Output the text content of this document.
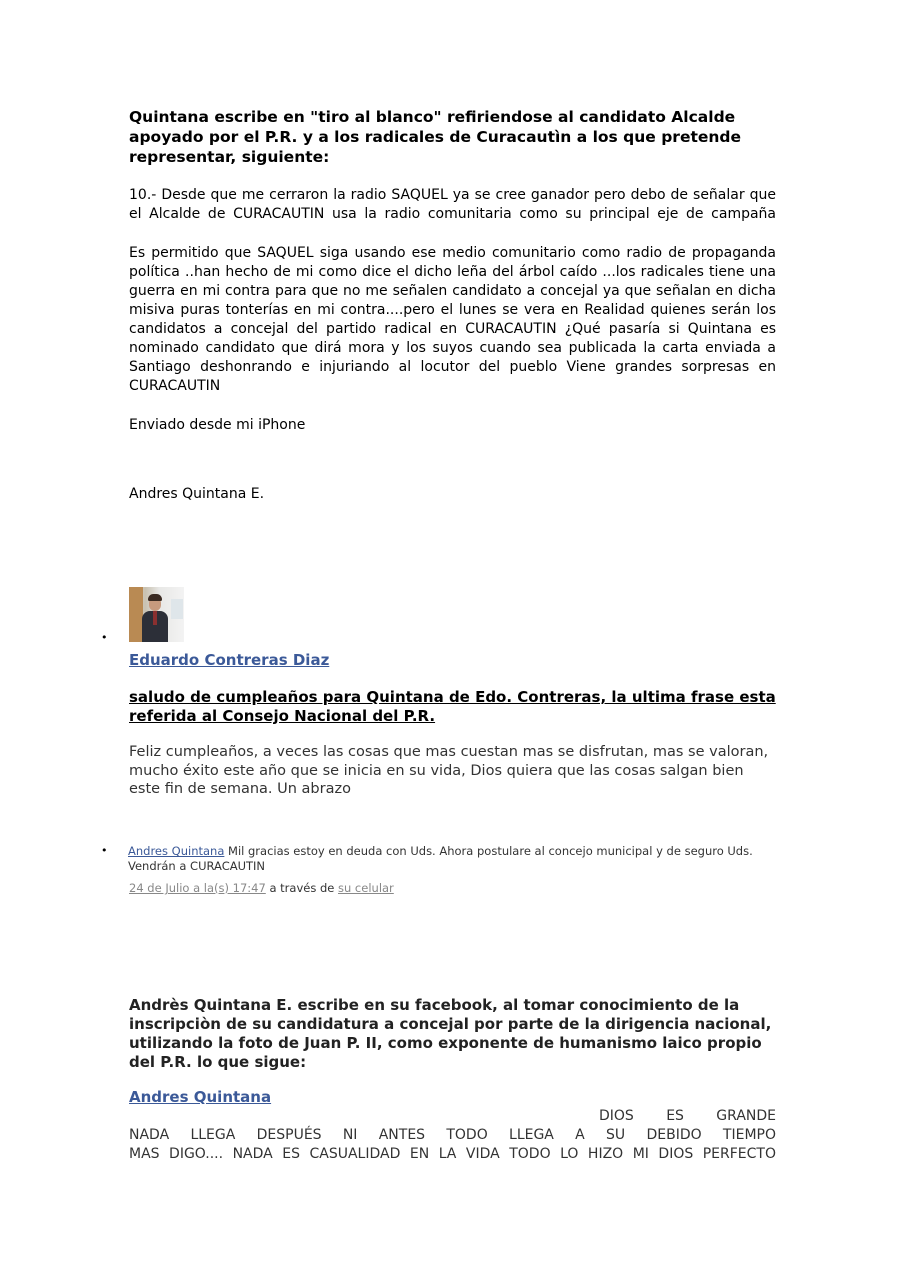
Quintana escribe en "tiro al blanco" refiriendose al candidato Alcalde apoyado por el P.R. y a los radicales de Curacautìn a los que pretende representar, siguiente:
10.- Desde que me cerraron la radio SAQUEL ya se cree ganador pero debo de señalar que el Alcalde de CURACAUTIN usa la radio comunitaria como su principal eje de campaña
Es permitido que SAQUEL siga usando ese medio comunitario como radio de propaganda política ..han hecho de mi como dice el dicho leña del árbol caído ...los radicales tiene una guerra en mi contra para que no me señalen candidato a concejal ya que señalan en dicha misiva puras tonterías en mi contra....pero el lunes se vera en Realidad quienes serán los candidatos a concejal del partido radical en CURACAUTIN ¿Qué pasaría si Quintana es nominado candidato que dirá mora y los suyos cuando sea publicada la carta enviada a Santiago deshonrando e injuriando al locutor del pueblo Viene grandes sorpresas en CURACAUTIN
Enviado desde mi iPhone
Andres Quintana E.
•
Eduardo Contreras Diaz
saludo de cumpleaños para Quintana de Edo. Contreras, la ultima frase esta referida al Consejo Nacional del P.R.
Feliz cumpleaños, a veces las cosas que mas cuestan mas se disfrutan, mas se valoran, mucho éxito este año que se inicia en su vida, Dios quiera que las cosas salgan bien este fin de semana. Un abrazo
• Andres Quintana Mil gracias estoy en deuda con Uds. Ahora postulare al concejo municipal y de seguro Uds. Vendrán a CURACAUTIN
24 de Julio a la(s) 17:47 a través de su celular
Andrès Quintana E. escribe en su facebook, al tomar conocimiento de la inscripciòn de su candidatura a concejal por parte de la dirigencia nacional, utilizando la foto de Juan P. II, como exponente de humanismo laico propio del P.R. lo que sigue:
Andres Quintana
DIOS ES GRANDE
NADA LLEGA DESPUÉS NI ANTES TODO LLEGA A SU DEBIDO TIEMPO
MAS DIGO.... NADA ES CASUALIDAD EN LA VIDA TODO LO HIZO MI DIOS PERFECTO
